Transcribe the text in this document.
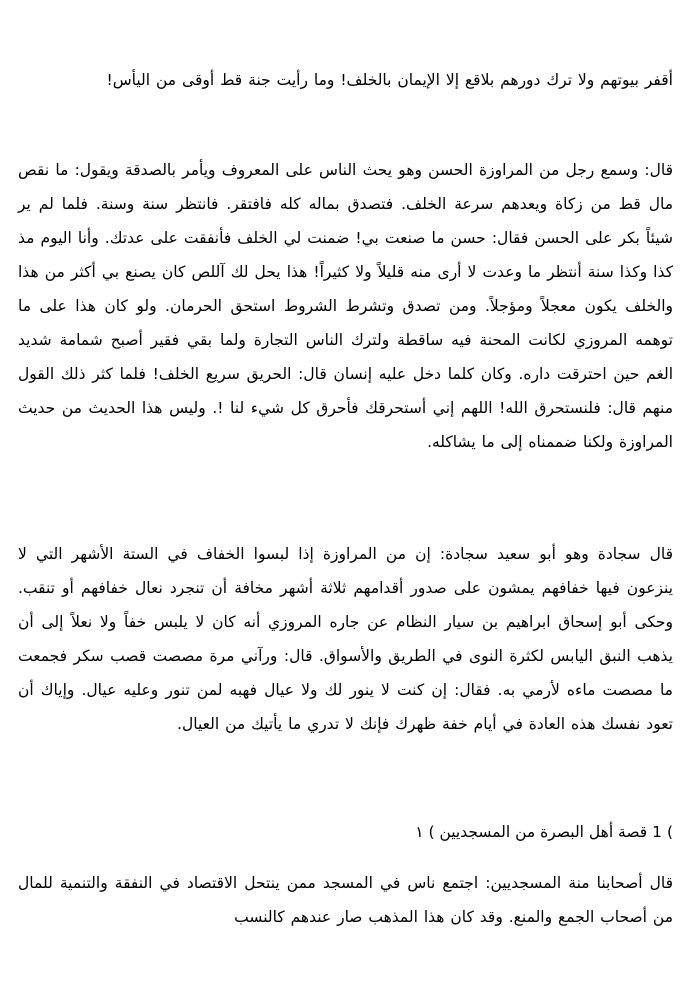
أقفر بيوتهم ولا ترك دورهم بلاقع إلا الإيمان بالخلف! وما رأيت جنة قط أوقى من اليأس!

قال: وسمع رجل من المراوزة الحسن وهو يحث الناس على المعروف ويأمر بالصدقة ويقول: ما نقص مال قط من زكاة ويعدهم سرعة الخلف. فتصدق بماله كله فافتقر. فانتظر سنة وسنة. فلما لم ير شيئاً بكر على الحسن فقال: حسن ما صنعت بي! ضمنت لي الخلف فأنفقت على عدتك. وأنا اليوم مذ كذا وكذا سنة أنتظر ما وعدت لا أرى منه قليلاً ولا كثيراً! هذا يحل لك آللص كان يصنع بي أكثر من هذا والخلف يكون معجلاً ومؤجلاً. ومن تصدق وتشرط الشروط استحق الحرمان. ولو كان هذا على ما توهمه المروزي لكانت المحنة فيه ساقطة ولترك الناس التجارة ولما بقي فقير أصبح شمامة شديد الغم حين احترقت داره. وكان كلما دخل عليه إنسان قال: الحريق سريع الخلف! فلما كثر ذلك القول منهم قال: فلنستحرق الله! اللهم إني أستحرقك فأحرق كل شيء لنا !. وليس هذا الحديث من حديث المراوزة ولكنا ضممناه إلى ما يشاكله.

قال سجادة وهو أبو سعيد سجادة: إن من المراوزة إذا لبسوا الخفاف في الستة الأشهر التي لا ينزعون فيها خفافهم يمشون على صدور أقدامهم ثلاثة أشهر مخافة أن تنجرد نعال خفافهم أو تنقب. وحكى أبو إسحاق ابراهيم بن سيار النظام عن جاره المروزي أنه كان لا يلبس خفاً ولا نعلاً إلى أن يذهب النبق اليابس لكثرة النوى في الطريق والأسواق. قال: ورآني مرة مصصت قصب سكر فجمعت ما مصصت ماءه لأرمي به. فقال: إن كنت لا ينور لك ولا عيال فهبه لمن تنور وعليه عيال. وإياك أن تعود نفسك هذه العادة في أيام خفة ظهرك فإنك لا تدري ما يأتيك من العيال.

) 1 قصة أهل البصرة من المسجديين ) ١

قال أصحابنا منة المسجديين: اجتمع ناس في المسجد ممن ينتحل الاقتصاد في النفقة والتنمية للمال من أصحاب الجمع والمنع. وقد كان هذا المذهب صار عندهم كالنسب
